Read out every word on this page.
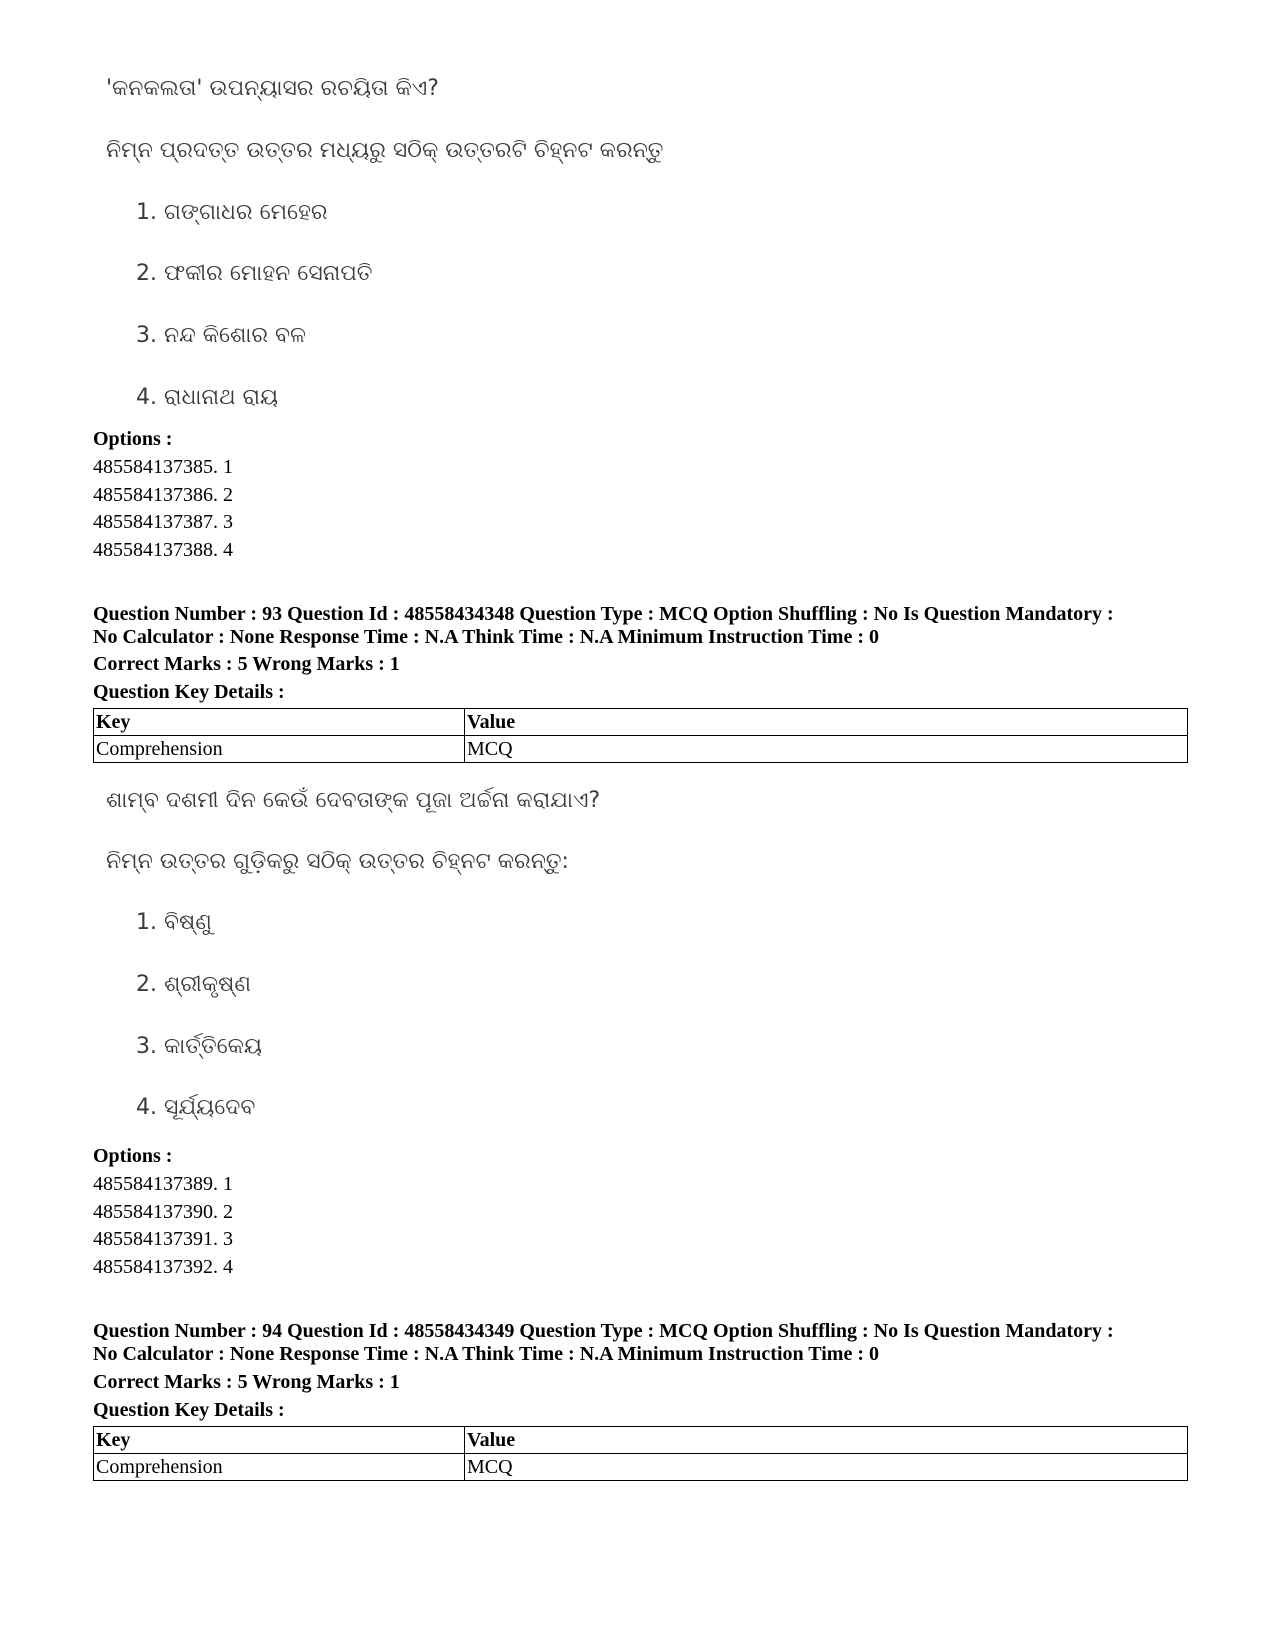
'କନକଲତା' ଉପନ୍ୟାସର ରଚୟିତା କିଏ?
ନିମ୍ନ ପ୍ରଦତ୍ତ ଉତ୍ତର ମଧ୍ୟରୁ ସଠିକ୍ ଉତ୍ତରଟି ଚିହ୍ନଟ କରନ୍ତୁ
1. ଗଙ୍ଗାଧର ମେହେର
2. ଫକୀର ମୋହନ ସେନାପତି
3. ନନ୍ଦ କିଶୋର ବଳ
4. ରାଧାନାଥ ରାୟ
Options :
485584137385. 1
485584137386. 2
485584137387. 3
485584137388. 4
Question Number : 93 Question Id : 48558434348 Question Type : MCQ Option Shuffling : No Is Question Mandatory :
No Calculator : None Response Time : N.A Think Time : N.A Minimum Instruction Time : 0
Correct Marks : 5 Wrong Marks : 1
Question Key Details :
Key	Value
Comprehension	MCQ
ଶାମ୍ବ ଦଶମୀ ଦିନ କେଉଁ ଦେବତାଙ୍କ ପୂଜା ଅର୍ଚ୍ଚନା କରାଯାଏ?
ନିମ୍ନ ଉତ୍ତର ଗୁଡ଼ିକରୁ ସଠିକ୍ ଉତ୍ତର ଚିହ୍ନଟ କରନ୍ତୁ:
1. ବିଷ୍ଣୁ
2. ଶ୍ରୀକୃଷ୍ଣ
3. କାର୍ତ୍ତିକେୟ
4. ସୂର୍ଯ୍ୟଦେବ
Options :
485584137389. 1
485584137390. 2
485584137391. 3
485584137392. 4
Question Number : 94 Question Id : 48558434349 Question Type : MCQ Option Shuffling : No Is Question Mandatory :
No Calculator : None Response Time : N.A Think Time : N.A Minimum Instruction Time : 0
Correct Marks : 5 Wrong Marks : 1
Question Key Details :
Key	Value
Comprehension	MCQ
